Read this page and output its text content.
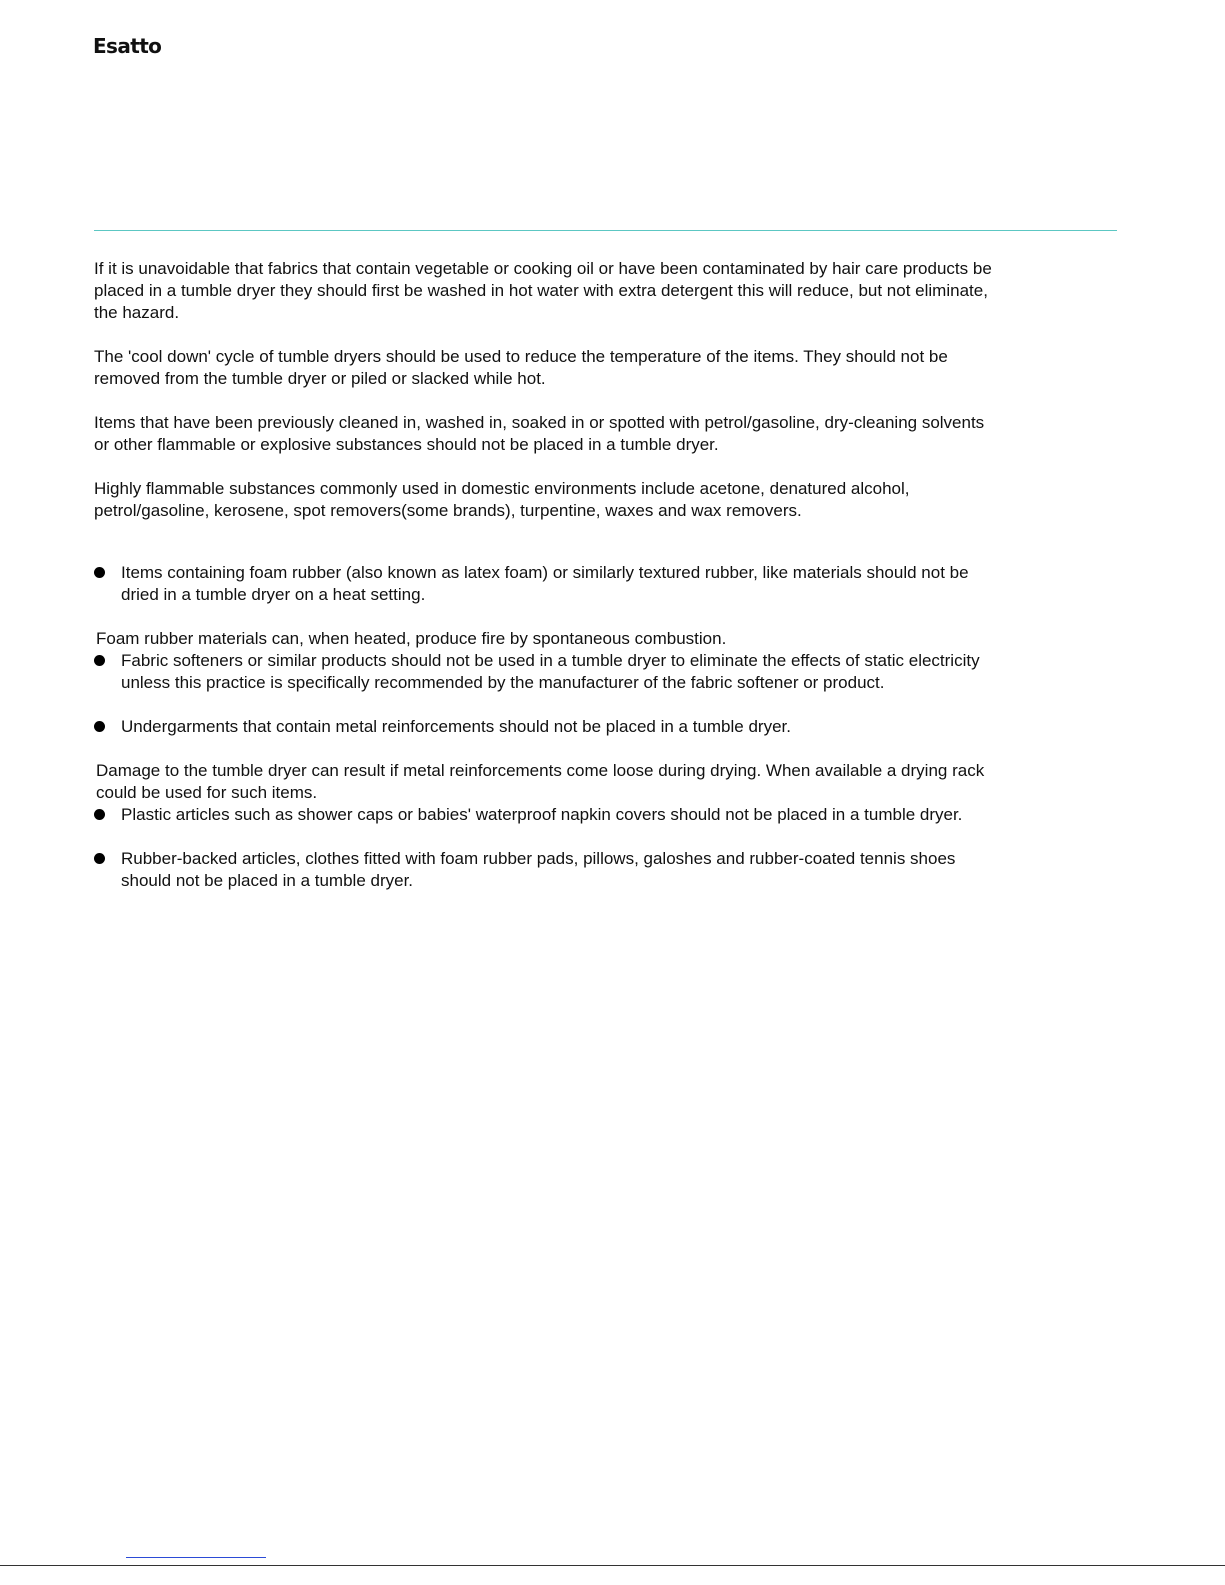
Esatto

If it is unavoidable that fabrics that contain vegetable or cooking oil or have been contaminated by hair care products be placed in a tumble dryer they should first be washed in hot water with extra detergent this will reduce, but not eliminate, the hazard.

The 'cool down' cycle of tumble dryers should be used to reduce the temperature of the items. They should not be removed from the tumble dryer or piled or slacked while hot.

Items that have been previously cleaned in, washed in, soaked in or spotted with petrol/gasoline, dry-cleaning solvents or other flammable or explosive substances should not be placed in a tumble dryer.

Highly flammable substances commonly used in domestic environments include acetone, denatured alcohol, petrol/gasoline, kerosene, spot removers(some brands), turpentine, waxes and wax removers.

Items containing foam rubber (also known as latex foam) or similarly textured rubber, like materials should not be dried in a tumble dryer on a heat setting.

Foam rubber materials can, when heated, produce fire by spontaneous combustion.

Fabric softeners or similar products should not be used in a tumble dryer to eliminate the effects of static electricity unless this practice is specifically recommended by the manufacturer of the fabric softener or product.
Undergarments that contain metal reinforcements should not be placed in a tumble dryer.

Damage to the tumble dryer can result if metal reinforcements come loose during drying. When available a drying rack could be used for such items.

Plastic articles such as shower caps or babies' waterproof napkin covers should not be placed in a tumble dryer.
Rubber-backed articles, clothes fitted with foam rubber pads, pillows, galoshes and rubber-coated tennis shoes should not be placed in a tumble dryer.
